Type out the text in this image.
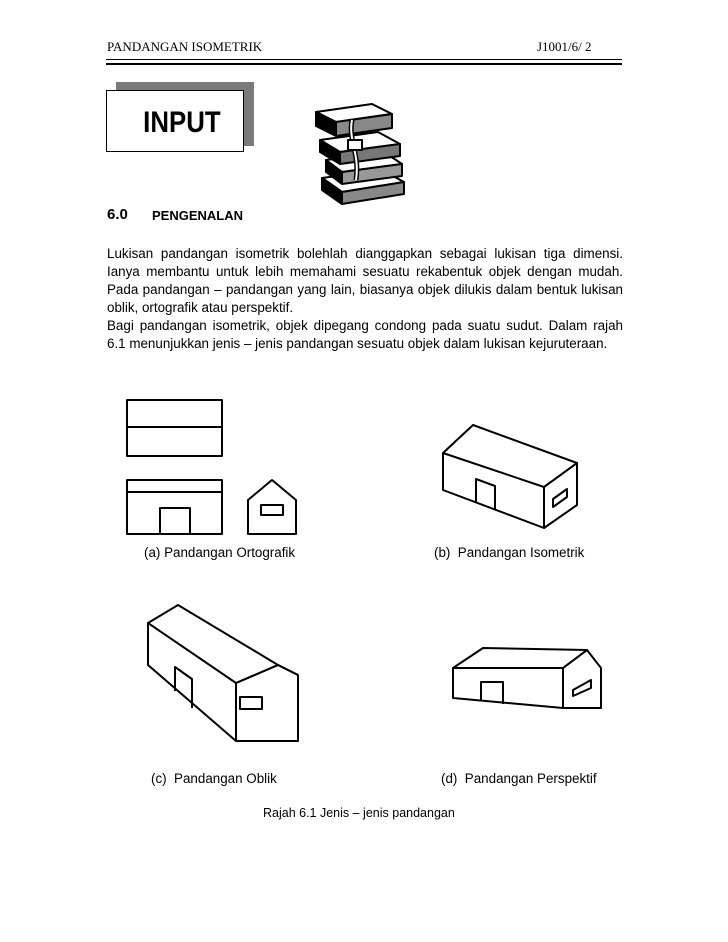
PANDANGAN ISOMETRIK	J1001/6/ 2
INPUT
6.0 PENGENALAN
Lukisan pandangan isometrik bolehlah dianggapkan sebagai lukisan tiga dimensi. Ianya membantu untuk lebih memahami sesuatu rekabentuk objek dengan mudah. Pada pandangan – pandangan yang lain, biasanya objek dilukis dalam bentuk lukisan oblik, ortografik atau perspektif.
Bagi pandangan isometrik, objek dipegang condong pada suatu sudut. Dalam rajah 6.1 menunjukkan jenis – jenis pandangan sesuatu objek dalam lukisan kejuruteraan.
(a) Pandangan Ortografik	(b)  Pandangan Isometrik
(c)  Pandangan Oblik	(d)  Pandangan Perspektif
Rajah 6.1 Jenis – jenis pandangan
